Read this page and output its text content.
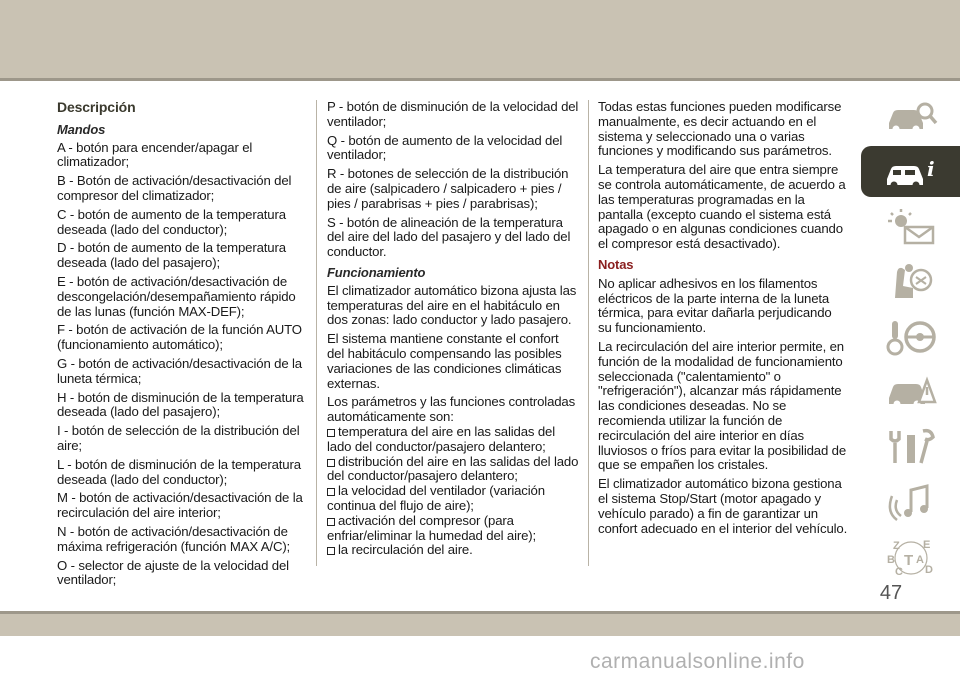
Descripción
Mandos

A - botón para encender/apagar el climatizador;

B - Botón de activación/desactivación del compresor del climatizador;

C - botón de aumento de la temperatura deseada (lado del conductor);

D - botón de aumento de la temperatura deseada (lado del pasajero);

E - botón de activación/desactivación de descongelación/desempañamiento rápido de las lunas (función MAX-DEF);

F - botón de activación de la función AUTO (funcionamiento automático);

G - botón de activación/desactivación de la luneta térmica;

H - botón de disminución de la temperatura deseada (lado del pasajero);

I - botón de selección de la distribución del aire;

L - botón de disminución de la temperatura deseada (lado del conductor);

M - botón de activación/desactivación de la recirculación del aire interior;

N - botón de activación/desactivación de máxima refrigeración (función MAX A/C);

O - selector de ajuste de la velocidad del ventilador;

P - botón de disminución de la velocidad del ventilador;

Q - botón de aumento de la velocidad del ventilador;

R - botones de selección de la distribución de aire (salpicadero / salpicadero + pies / pies / parabrisas + pies / parabrisas);

S - botón de alineación de la temperatura del aire del lado del pasajero y del lado del conductor.

Funcionamiento

El climatizador automático bizona ajusta las temperaturas del aire en el habitáculo en dos zonas: lado conductor y lado pasajero.

El sistema mantiene constante el confort del habitáculo compensando las posibles variaciones de las condiciones climáticas externas.

Los parámetros y las funciones controladas automáticamente son:

temperatura del aire en las salidas del lado del conductor/pasajero delantero;
distribución del aire en las salidas del lado del conductor/pasajero delantero;
la velocidad del ventilador (variación continua del flujo de aire);
activación del compresor (para enfriar/eliminar la humedad del aire);
la recirculación del aire.

Todas estas funciones pueden modificarse manualmente, es decir actuando en el sistema y seleccionado una o varias funciones y modificando sus parámetros.

La temperatura del aire que entra siempre se controla automáticamente, de acuerdo a las temperaturas programadas en la pantalla (excepto cuando el sistema está apagado o en algunas condiciones cuando el compresor está desactivado).

Notas

No aplicar adhesivos en los filamentos eléctricos de la parte interna de la luneta térmica, para evitar dañarla perjudicando su funcionamiento.

La recirculación del aire interior permite, en función de la modalidad de funcionamiento seleccionada ("calentamiento" o "refrigeración"), alcanzar más rápidamente las condiciones deseadas. No se recomienda utilizar la función de recirculación del aire interior en días lluviosos o fríos para evitar la posibilidad de que se empañen los cristales.

El climatizador automático bizona gestiona el sistema Stop/Start (motor apagado y vehículo parado) a fin de garantizar un confort adecuado en el interior del vehículo.

i
Z E
B A
C D
T
47
carmanualsonline.info
